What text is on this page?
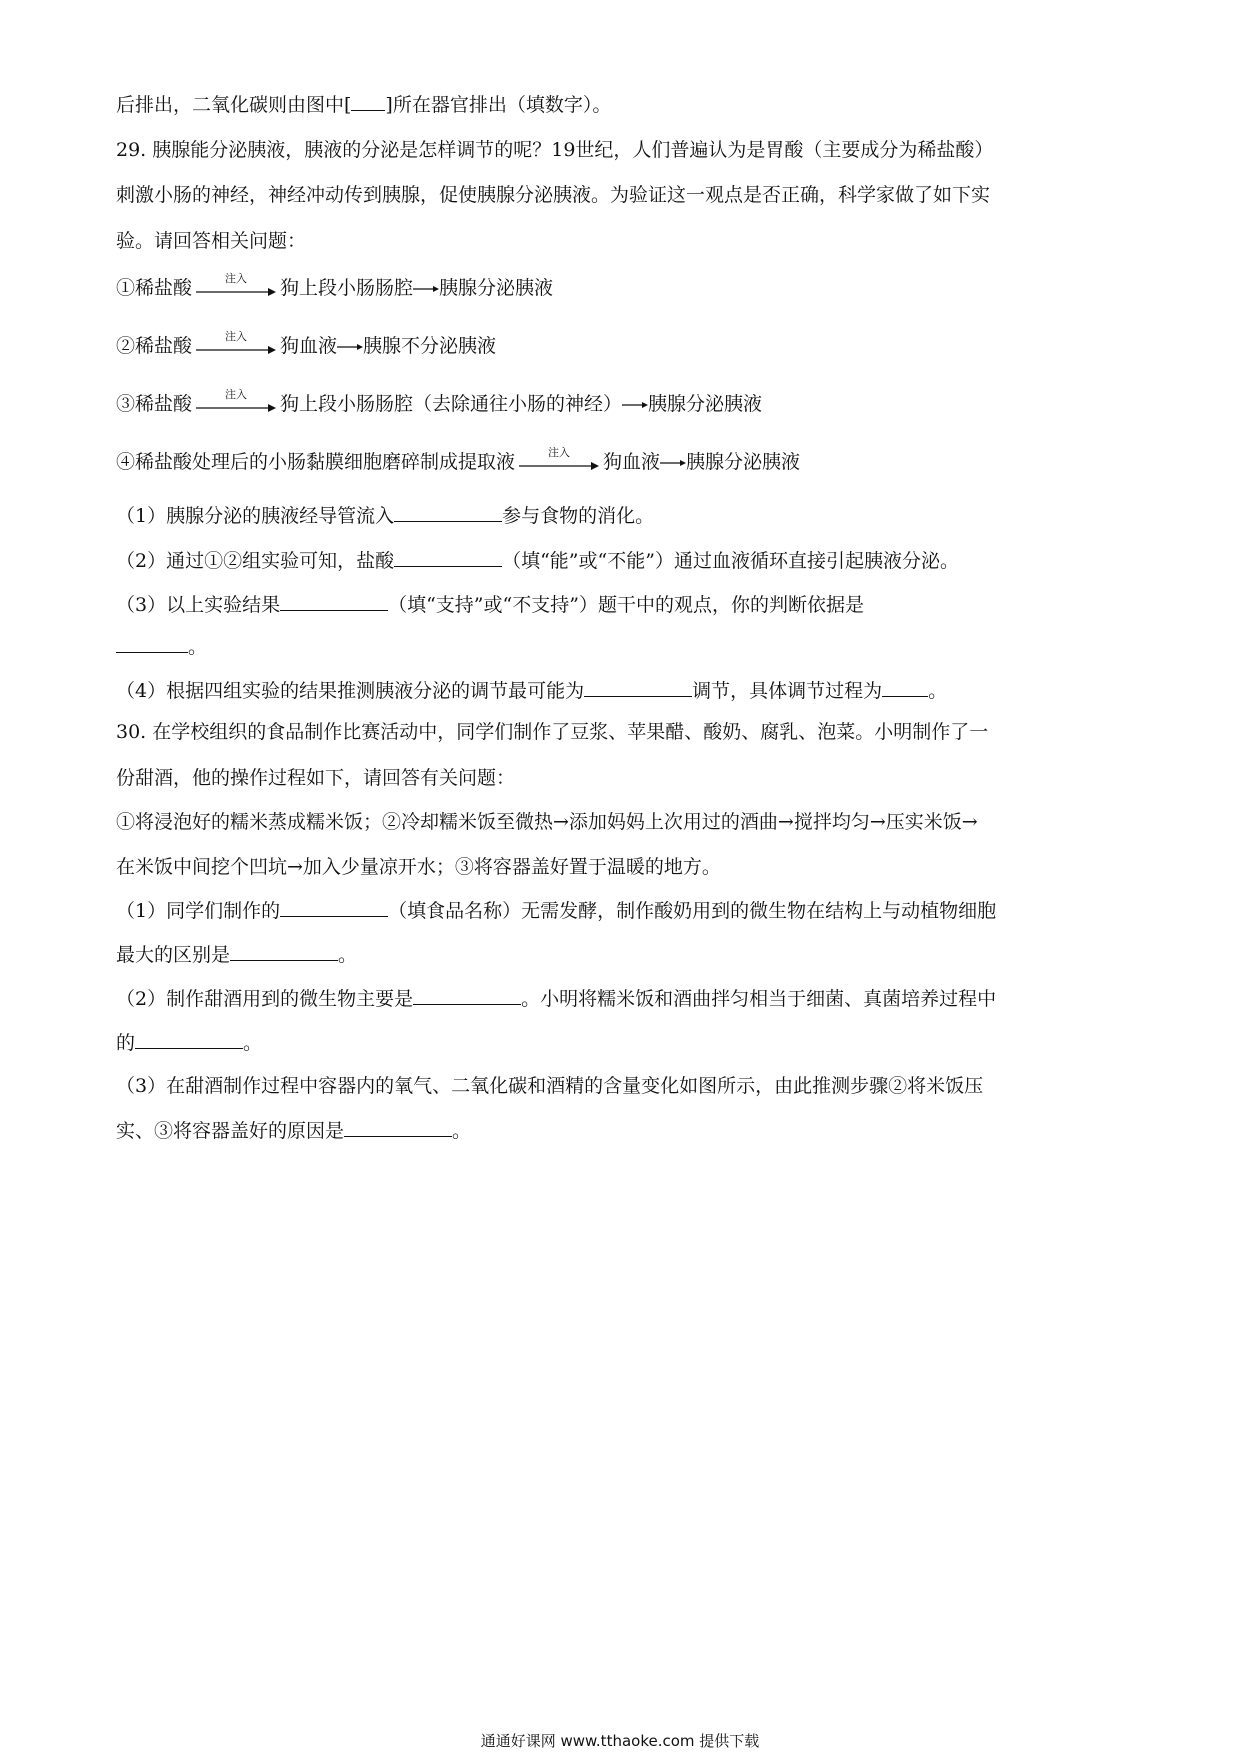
后排出，二氧化碳则由图中[ ]所在器官排出（填数字）。
29. 胰腺能分泌胰液，胰液的分泌是怎样调节的呢？19世纪，人们普遍认为是胃酸（主要成分为稀盐酸）
刺激小肠的神经，神经冲动传到胰腺，促使胰腺分泌胰液。为验证这一观点是否正确，科学家做了如下实
验。请回答相关问题：
①稀盐酸	注入	狗上段小肠肠腔 胰腺分泌胰液
②稀盐酸	注入	狗血液 胰腺不分泌胰液
③稀盐酸	注入	狗上段小肠肠腔（去除通往小肠的神经） 胰腺分泌胰液
④稀盐酸处理后的小肠黏膜细胞磨碎制成提取液	注入	狗血液 胰腺分泌胰液
（1）胰腺分泌的胰液经导管流入	参与食物的消化。
（2）通过①②组实验可知，盐酸	（填“能”或“不能”）通过血液循环直接引起胰液分泌。
（3）以上实验结果	（填“支持”或“不支持”）题干中的观点，你的判断依据是
。
（4）根据四组实验的结果推测胰液分泌的调节最可能为	调节，具体调节过程为 。
30. 在学校组织的食品制作比赛活动中，同学们制作了豆浆、苹果醋、酸奶、腐乳、泡菜。小明制作了一
份甜酒，他的操作过程如下，请回答有关问题：
①将浸泡好的糯米蒸成糯米饭；②冷却糯米饭至微热→添加妈妈上次用过的酒曲→搅拌均匀→压实米饭→
在米饭中间挖个凹坑→加入少量凉开水；③将容器盖好置于温暖的地方。
（1）同学们制作的	（填食品名称）无需发酵，制作酸奶用到的微生物在结构上与动植物细胞
最大的区别是	。
（2）制作甜酒用到的微生物主要是	。小明将糯米饭和酒曲拌匀相当于细菌、真菌培养过程中
的	。
（3）在甜酒制作过程中容器内的氧气、二氧化碳和酒精的含量变化如图所示，由此推测步骤②将米饭压
实、③将容器盖好的原因是	。
通通好课网 www.tthaoke.com 提供下载
